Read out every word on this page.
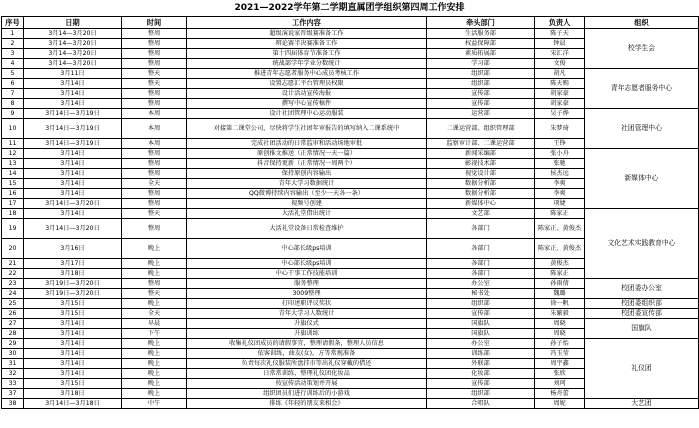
2021—2022学年第二学期直属团学组织第四周工作安排
序号	日期	时间	工作内容	牵头部门	负责人	组织
1	3月14—3月20日	整周	超级演说家晋级赛准备工作	生活服务部	陈子天	校学生会
2	3月14—3月20日	整周	辩论赛半决赛准备工作	权益保障部	钟晨	
3	3月14—3月20日	整周	第十四届体育节准备工作	素质拓展部	宋汇洋	
4	3月14—3月20日	整周	统战部学年学业分数统计	学习部	文俊	
5	3月11日	整天	推进青年志愿者服务中心成员考核工作	组织部	胡凡	青年志愿者服务中心
6	3月14日	整天	设置志愿汇平台管理员权限	组织部	陈天赐	
7	3月14日	整周	设计活动宣传海报	宣传部	胡家豪	
8	3月14日	整周	撰写中心宣传稿件	宣传部	胡家豪	
9	3月14日—3月19日	本周	设计社团管理中心运动服装	运营部	吴子烨	社团管理中心
10	3月14日—3月19日	本周	对接第二课堂公司，尽快将学生社团年审报告的填写纳入二课系统中	二课运营部、组织管理部	朱梦琦	
11	3月14日—3月19日	本周	完成社团活动的日常监审和活动场地审批	监察审计部、二课运营部	王铮	
12	3月14日	整周	原创推文推送（正常情况一天一篇）	新闻采编部	张小舟	新媒体中心
13	3月14日	整周	抖音保持更新（正常情况一周两个）	影视技术部	张驰	
14	3月14日	整周	保持原创内容输出	视觉设计部	侯杰远	
15	3月14日	全天	青年大学习数据统计	数据分析部	李爽	
16	3月14日	整周	QQ微博持续内容输出（至少一天各一条）	数据分析部	李爽	
17	3月14日—3月20日	整周	视频号创建	新媒体中心	项婕	
18	3月14日	整天	大活礼堂借出统计	文艺部	陈家正	文化艺术实践教育中心
19	3月14日—3月20日	整周	大活礼堂设备日常检查维护	各部门	陈家正、黄俊杰	
20	3月16日	晚上	中心部长级ps培训	各部门	陈家正、黄俊杰	
21	3月17日	晚上	中心部长级ps培训	各部门	黄俊杰	
22	3月18日	晚上	中心干事工作技能培训	各部门	陈家正	
23	3月19日—3月20日	整周	服务整理	办公室	孙雨倩	校团委办公室
24	3月19日—3月20日	整天	3009整理	秘书处	魏璐	
25	3月15日	晚上	打印述职评议奖状	组织部	徐一帆	校团委组织部
26	3月15日	全天	青年大学习人数统计	宣传部	朱繁毅	校团委宣传部
27	3月14日	早晨	升旗仪式	国旗队	周晓	国旗队
28	3月14日	下午	升旗训练	国旗队	周晓	
29	3月14日	晚上	收集礼仪团成员的请假事宜，整理请假条，整理人员信息	办公室	孙子怡	礼仪团
30	3月14日	晚上	依客训练，曲友(女)，方等常规准备	训练部	冯玉莹	
31	3月14日	晚上	负责每次礼仪服装所盘挂市等出礼仪穿戴的借还	外联部	周宇鑫	
32	3月14日	晚上	日常常训练，整理礼仪团化妆品	化妆部	张欣	
33	3月15日	晚上	按宣传活动策划并开展	宣传部	刘珂	
37	3月18日	晚上	组织团员们进行训练后的小游戏	组织部	杨舟蕾	
38	3月14日—3月18日	中午	排练《年轻的朋友来相会》	合唱队	周妮	大艺团
